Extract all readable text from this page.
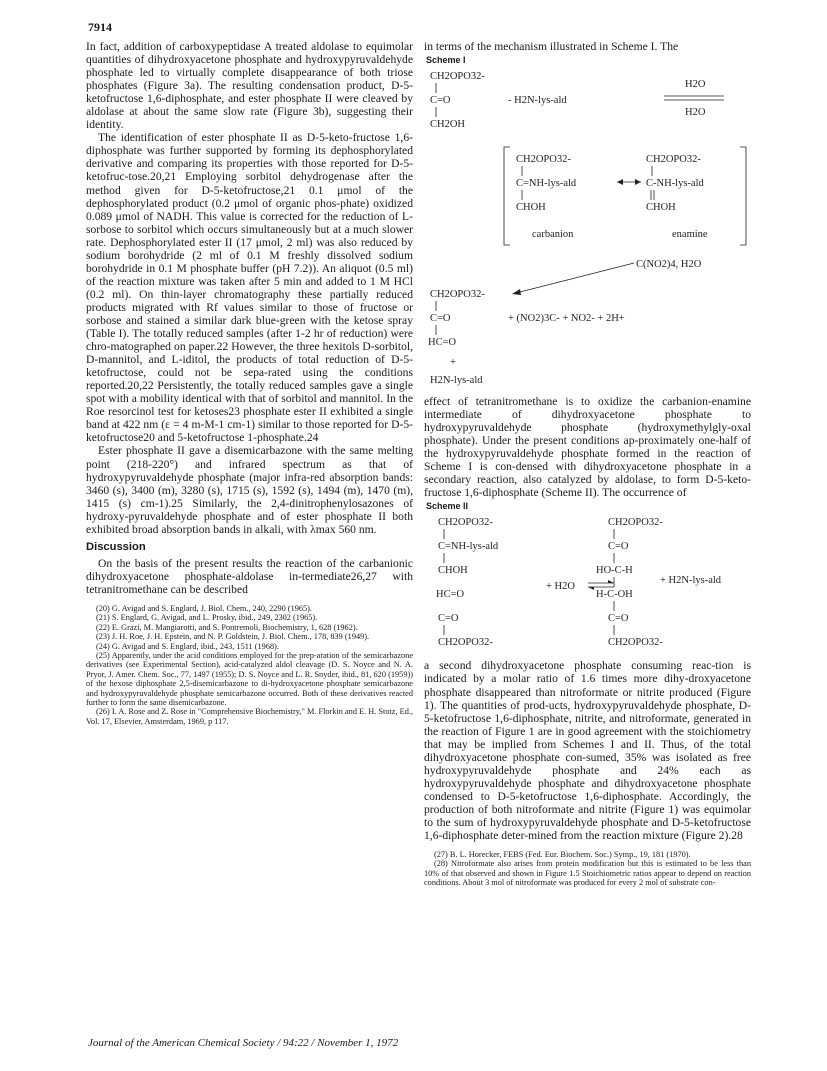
7914

In fact, addition of carboxypeptidase A treated aldolase to equimolar quantities of dihydroxyacetone phosphate and hydroxypyruvaldehyde phosphate led to virtually complete disappearance of both triose phosphates (Figure 3a). The resulting condensation product, D-5-ketofructose 1,6-diphosphate, and ester phosphate II were cleaved by aldolase at about the same slow rate (Figure 3b), suggesting their identity.

The identification of ester phosphate II as D-5-keto-fructose 1,6-diphosphate was further supported by forming its dephosphorylated derivative and comparing its properties with those reported for D-5-ketofruc-tose.20,21 Employing sorbitol dehydrogenase after the method given for D-5-ketofructose,21 0.1 μmol of the dephosphorylated product (0.2 μmol of organic phos-phate) oxidized 0.089 μmol of NADH. This value is corrected for the reduction of L-sorbose to sorbitol which occurs simultaneously but at a much slower rate. Dephosphorylated ester II (17 μmol, 2 ml) was also reduced by sodium borohydride (2 ml of 0.1 M freshly dissolved sodium borohydride in 0.1 M phosphate buffer (pH 7.2)). An aliquot (0.5 ml) of the reaction mixture was taken after 5 min and added to 1 M HCl (0.2 ml). On thin-layer chromatography these partially reduced products migrated with Rf values similar to those of fructose or sorbose and stained a similar dark blue-green with the ketose spray (Table I). The totally reduced samples (after 1-2 hr of reduction) were chro-matographed on paper.22 However, the three hexitols D-sorbitol, D-mannitol, and L-iditol, the products of total reduction of D-5-ketofructose, could not be sepa-rated using the conditions reported.20,22 Persistently, the totally reduced samples gave a single spot with a mobility identical with that of sorbitol and mannitol. In the Roe resorcinol test for ketoses23 phosphate ester II exhibited a single band at 422 nm (ε = 4 m-M-1 cm-1) similar to those reported for D-5-ketofructose20 and 5-ketofructose 1-phosphate.24

Ester phosphate II gave a disemicarbazone with the same melting point (218-220°) and infrared spectrum as that of hydroxypyruvaldehyde phosphate (major infra-red absorption bands: 3460 (s), 3400 (m), 3280 (s), 1715 (s), 1592 (s), 1494 (m), 1470 (m), 1415 (s) cm-1).25 Similarly, the 2,4-dinitrophenylosazones of hydroxy-pyruvaldehyde phosphate and of ester phosphate II both exhibited broad absorption bands in alkali, with λmax 560 nm.

Discussion

On the basis of the present results the reaction of the carbanionic dihydroxyacetone phosphate-aldolase in-termediate26,27 with tetranitromethane can be described

(20) G. Avigad and S. Englard, J. Biol. Chem., 240, 2290 (1965).

(21) S. Englard, G. Avigad, and L. Prosky, ibid., 249, 2302 (1965).

(22) E. Grazi, M. Mangiarotti, and S. Pontremoli, Biochemistry, 1, 628 (1962).

(23) J. H. Roe, J. H. Epstein, and N. P. Goldstein, J. Biol. Chem., 178, 839 (1949).

(24) G. Avigad and S. Englard, ibid., 243, 1511 (1968).

(25) Apparently, under the acid conditions employed for the prep-aration of the semicarbazone derivatives (see Experimental Section), acid-catalyzed aldol cleavage (D. S. Noyce and N. A. Pryor, J. Amer. Chem. Soc., 77, 1497 (1955); D. S. Noyce and L. R. Snyder, ibid., 81, 620 (1959)) of the hexose diphosphate 2,5-disemicarbazone to di-hydroxyacetone phosphate semicarbazone and hydroxypyruvaldehyde phosphate semicarbazone occurred. Both of these derivatives reacted further to form the same disemicarbazone.

(26) I. A. Rose and Z. Rose in "Comprehensive Biochemistry," M. Florkin and E. H. Stotz, Ed., Vol. 17, Elsevier, Amsterdam, 1969, p 117.

in terms of the mechanism illustrated in Scheme I. The

Scheme I
CH2OPO32-
C=O
CH2OH
- H2N-lys-ald
H2O
H2O
CH2OPO32-
C=NH-lys-ald
CHOH
carbanion
CH2OPO32-
C-NH-lys-ald
CHOH
enamine
C(NO2)4, H2O
CH2OPO32-
C=O
HC=O
+ (NO2)3C- + NO2- + 2H+
+
H2N-lys-ald

effect of tetranitromethane is to oxidize the carbanion-enamine intermediate of dihydroxyacetone phosphate to hydroxypyruvaldehyde phosphate (hydroxymethylgly-oxal phosphate). Under the present conditions ap-proximately one-half of the hydroxypyruvaldehyde phosphate formed in the reaction of Scheme I is con-densed with dihydroxyacetone phosphate in a secondary reaction, also catalyzed by aldolase, to form D-5-keto-fructose 1,6-diphosphate (Scheme II). The occurrence of

Scheme II
CH2OPO32-
C=NH-lys-ald
CHOH
HC=O
C=O
CH2OPO32-
+ H2O
CH2OPO32-
C=O
HO-C-H
H-C-OH
C=O
CH2OPO32-
+ H2N-lys-ald

a second dihydroxyacetone phosphate consuming reac-tion is indicated by a molar ratio of 1.6 times more dihy-droxyacetone phosphate disappeared than nitroformate or nitrite produced (Figure 1). The quantities of prod-ucts, hydroxypyruvaldehyde phosphate, D-5-ketofructose 1,6-diphosphate, nitrite, and nitroformate, generated in the reaction of Figure 1 are in good agreement with the stoichiometry that may be implied from Schemes I and II. Thus, of the total dihydroxyacetone phosphate con-sumed, 35% was isolated as free hydroxypyruvaldehyde phosphate and 24% each as hydroxypyruvaldehyde phosphate and dihydroxyacetone phosphate condensed to D-5-ketofructose 1,6-diphosphate. Accordingly, the production of both nitroformate and nitrite (Figure 1) was equimolar to the sum of hydroxypyruvaldehyde phosphate and D-5-ketofructose 1,6-diphosphate deter-mined from the reaction mixture (Figure 2).28

(27) B. L. Horecker, FEBS (Fed. Eur. Biochem. Soc.) Symp., 19, 181 (1970).

(28) Nitroformate also arises from protein modification but this is estimated to be less than 10% of that observed and shown in Figure 1.5 Stoichiometric ratios appear to depend on reaction conditions. About 3 mol of nitroformate was produced for every 2 mol of substrate con-

Journal of the American Chemical Society / 94:22 / November 1, 1972
